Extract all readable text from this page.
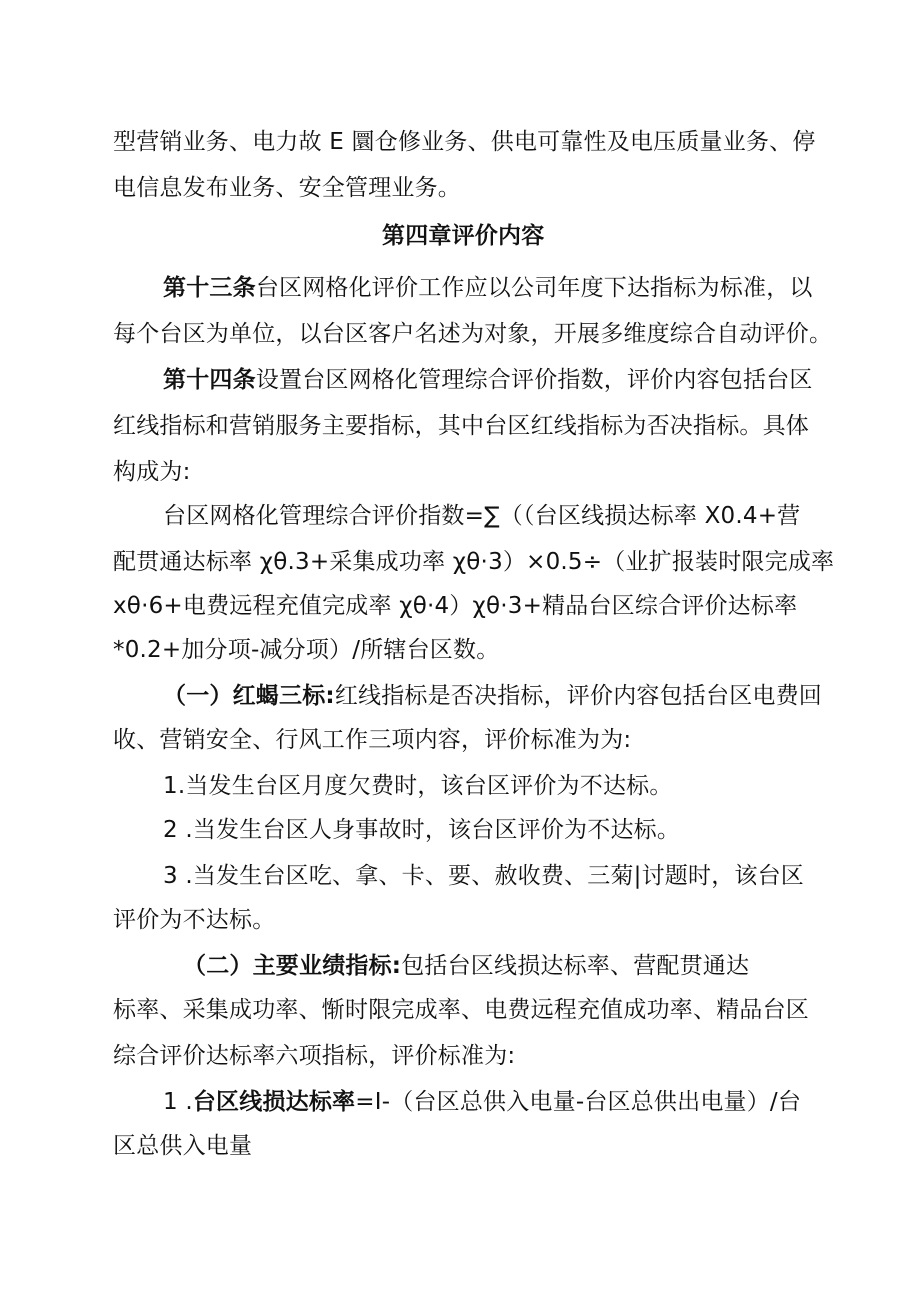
型营销业务、电力故 E 圜仓修业务、供电可靠性及电压质量业务、停
电信息发布业务、安全管理业务。
第四章评价内容
第十三条台区网格化评价工作应以公司年度下达指标为标准，以
每个台区为单位，以台区客户名述为对象，开展多维度综合自动评价。
第十四条设置台区网格化管理综合评价指数，评价内容包括台区
红线指标和营销服务主要指标，其中台区红线指标为否决指标。具体
构成为:
台区网格化管理综合评价指数=∑（（台区线损达标率 X0.4+营
配贯通达标率 χθ.3+采集成功率 χθ·3）×0.5÷（业扩报装时限完成率
xθ·6+电费远程充值完成率 χθ·4）χθ·3+精品台区综合评价达标率
*0.2+加分项-减分项）/所辖台区数。
（一）红蝎三标:红线指标是否决指标，评价内容包括台区电费回
收、营销安全、行风工作三项内容，评价标准为为:
1.当发生台区月度欠费时，该台区评价为不达标。
2 .当发生台区人身事故时，该台区评价为不达标。
3 .当发生台区吃、拿、卡、要、赦收费、三菊|讨题时，该台区
评价为不达标。
（二）主要业绩指标:包括台区线损达标率、营配贯通达
标率、采集成功率、惭时限完成率、电费远程充值成功率、精品台区
综合评价达标率六项指标，评价标准为:
1 .台区线损达标率=I-（台区总供入电量-台区总供出电量）/台
区总供入电量
